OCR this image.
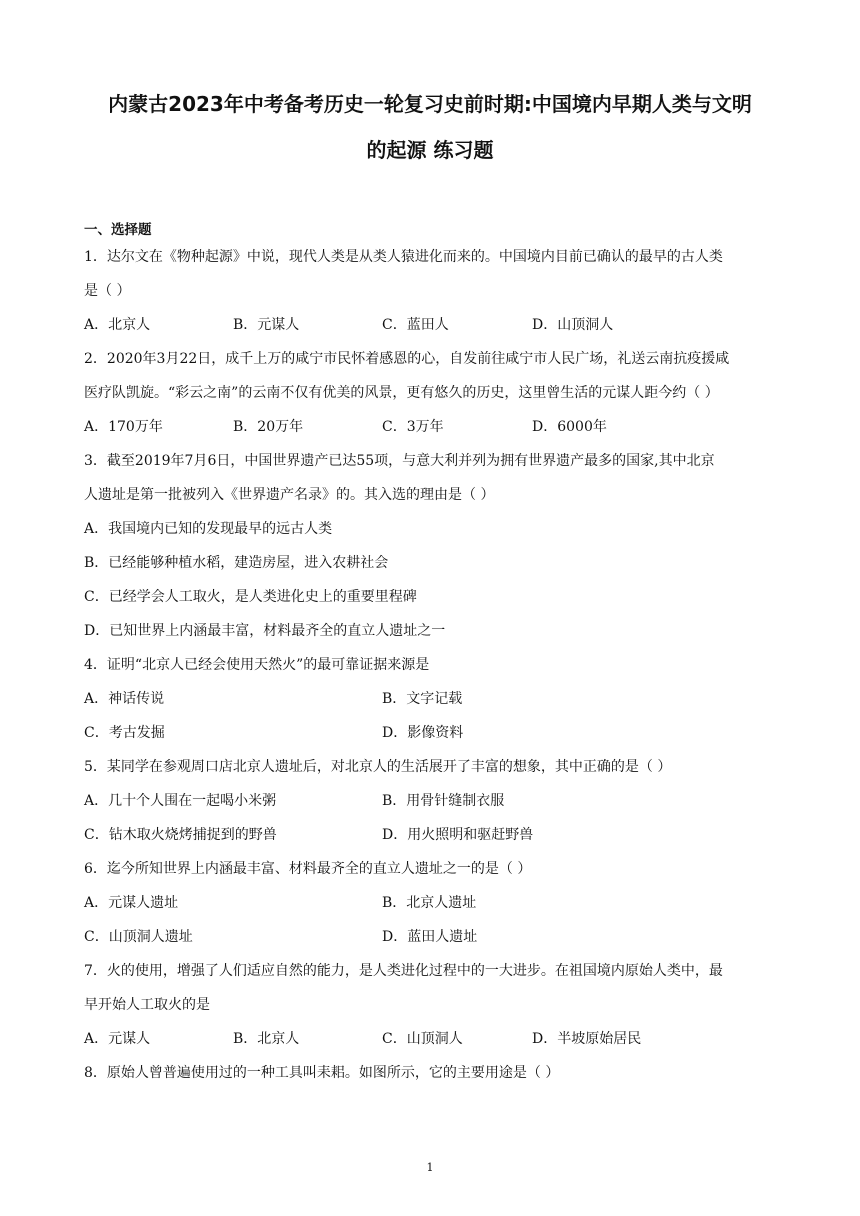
内蒙古2023年中考备考历史一轮复习史前时期:中国境内早期人类与文明
的起源 练习题
一、选择题
1．达尔文在《物种起源》中说，现代人类是从类人猿进化而来的。中国境内目前已确认的最早的古人类
是（ ）
A．北京人	B．元谋人	C．蓝田人	D．山顶洞人
2．2020年3月22日，成千上万的咸宁市民怀着感恩的心，自发前往咸宁市人民广场，礼送云南抗疫援咸
医疗队凯旋。“彩云之南”的云南不仅有优美的风景，更有悠久的历史，这里曾生活的元谋人距今约（ ）
A．170万年	B．20万年	C．3万年	D．6000年
3．截至2019年7月6日，中国世界遗产已达55项，与意大利并列为拥有世界遗产最多的国家,其中北京
人遗址是第一批被列入《世界遗产名录》的。其入选的理由是（ ）
A．我国境内已知的发现最早的远古人类
B．已经能够种植水稻，建造房屋，进入农耕社会
C．已经学会人工取火，是人类进化史上的重要里程碑
D．已知世界上内涵最丰富，材料最齐全的直立人遗址之一
4．证明“北京人已经会使用天然火”的最可靠证据来源是
A．神话传说	B．文字记载
C．考古发掘	D．影像资料
5．某同学在参观周口店北京人遗址后，对北京人的生活展开了丰富的想象，其中正确的是（ ）
A．几十个人围在一起喝小米粥	B．用骨针缝制衣服
C．钻木取火烧烤捕捉到的野兽	D．用火照明和驱赶野兽
6．迄今所知世界上内涵最丰富、材料最齐全的直立人遗址之一的是（ ）
A．元谋人遗址	B．北京人遗址
C．山顶洞人遗址	D．蓝田人遗址
7．火的使用，增强了人们适应自然的能力，是人类进化过程中的一大进步。在祖国境内原始人类中，最
早开始人工取火的是
A．元谋人	B．北京人	C．山顶洞人	D．半坡原始居民
8．原始人曾普遍使用过的一种工具叫耒耜。如图所示，它的主要用途是（ ）
1
